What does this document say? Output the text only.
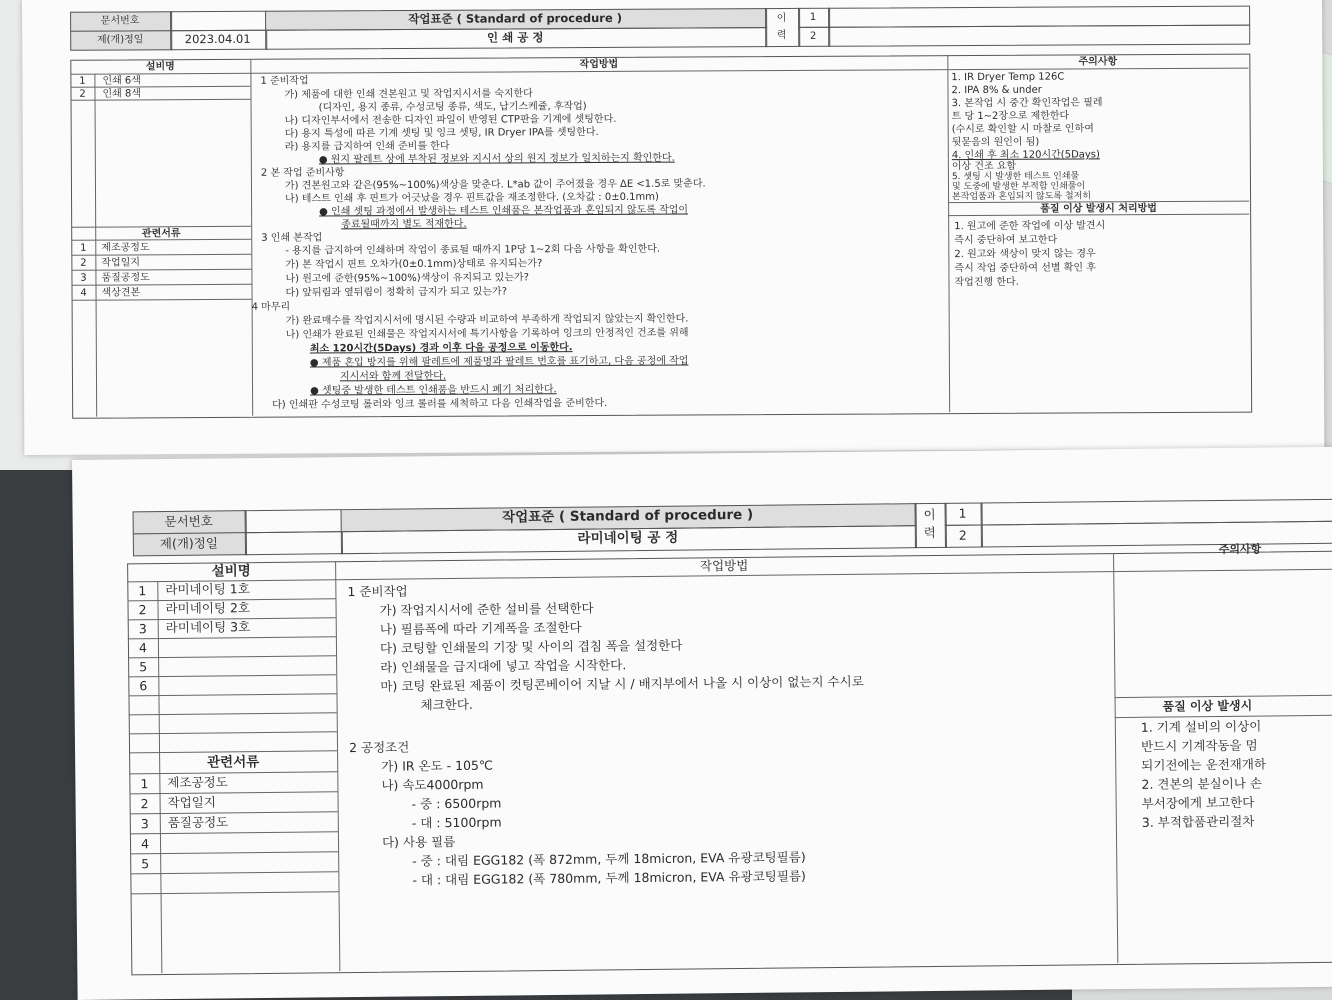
문서번호
제(개)정일	2023.04.01
작업표준 ( Standard of procedure )
인 쇄 공 정
이
력
1
2
설비명	작업방법	주의사항
1	인쇄 6색
2	인쇄 8색
관련서류
1	제조공정도
2	작업일지
3	품질공정도
4	색상견본
1 준비작업
가) 제품에 대한 인쇄 견본원고 및 작업지시서를 숙지한다
(디자인, 용지 종류, 수성코팅 종류, 색도, 납기스케쥴, 후작업)
나) 디자인부서에서 전송한 디자인 파일이 반영된 CTP판을 기계에 셋팅한다.
다) 용지 특성에 따른 기계 셋팅 및 잉크 셋팅, IR Dryer IPA를 셋팅한다.
라) 용지를 급지하여 인쇄 준비를 한다
● 원지 팔레트 상에 부착된 정보와 지시서 상의 원지 정보가 일치하는지 확인한다.
2 본 작업 준비사항
가) 견본원고와 같은(95%~100%)색상을 맞춘다. L*ab 값이 주어졌을 경우 ΔE <1.5로 맞춘다.
나) 테스트 인쇄 후 핀트가 어긋났을 경우 핀트값을 재조정한다. (오차값 : 0±0.1mm)
● 인쇄 셋팅 과정에서 발생하는 테스트 인쇄품은 본작업품과 혼입되지 않도록 작업이
종료될때까지 별도 적재한다.
3 인쇄 본작업
- 용지를 급지하여 인쇄하며 작업이 종료될 때까지 1P당 1~2회 다음 사항을 확인한다.
가) 본 작업시 핀트 오차가(0±0.1mm)상태로 유지되는가?
나) 원고에 준한(95%~100%)색상이 유지되고 있는가?
다) 앞뒤림과 옆뒤림이 정확히 급지가 되고 있는가?
4 마무리
가) 완료매수를 작업지시서에 명시된 수량과 비교하여 부족하게 작업되지 않았는지 확인한다.
나) 인쇄가 완료된 인쇄물은 작업지시서에 특기사항을 기록하여 잉크의 안정적인 건조를 위해
최소 120시간(5Days) 경과 이후 다음 공정으로 이동한다.
● 제품 혼입 방지를 위해 팔레트에 제품명과 팔레트 번호를 표기하고, 다음 공정에 작업
지시서와 함께 전달한다.
● 셋팅중 발생한 테스트 인쇄품을 반드시 폐기 처리한다.
다) 인쇄판 수성코팅 롤러와 잉크 롤러를 세척하고 다음 인쇄작업을 준비한다.
1. IR Dryer Temp 126C
2. IPA 8% & under
3. 본작업 시 중간 확인작업은 필레
트 당 1~2장으로 제한한다
(수시로 확인할 시 마찰로 인하여
뒷묻음의 원인이 됨)
4. 인쇄 후 최소 120시간(5Days)
이상 건조 요함
5. 셋팅 시 발생한 테스트 인쇄물
및 도중에 발생한 부적합 인쇄물이
본작업품과 혼입되지 않도록 철저히
품질 이상 발생시 처리방법
1. 원고에 준한 작업에 이상 발견시
즉시 중단하여 보고한다
2. 원고와 색상이 맞지 않는 경우
즉시 작업 중단하여 선별 확인 후
작업진행 한다.
문서번호
제(개)정일
작업표준 ( Standard of procedure )
라미네이팅 공 정
이
력
1
2
설비명	작업방법
주의사항
1	라미네이팅 1호
2	라미네이팅 2호
3	라미네이팅 3호
4
5
6
관련서류
1	제조공정도
2	작업일지
3	품질공정도
4
5
1 준비작업
가) 작업지시서에 준한 설비를 선택한다
나) 필름폭에 따라 기계폭을 조절한다
다) 코팅할 인쇄물의 기장 및 사이의 겹침 폭을 설정한다
라) 인쇄물을 급지대에 넣고 작업을 시작한다.
마) 코팅 완료된 제품이 컷팅콘베이어 지날 시 / 배지부에서 나올 시 이상이 없는지 수시로
체크한다.
2 공정조건
가) IR 온도 - 105℃
나) 속도4000rpm
- 중 : 6500rpm
- 대 : 5100rpm
다) 사용 필름
- 중 : 대림 EGG182 (폭 872mm, 두께 18micron, EVA 유광코팅필름)
- 대 : 대림 EGG182 (폭 780mm, 두께 18micron, EVA 유광코팅필름)
품질 이상 발생시
1. 기계 설비의 이상이
반드시 기계작동을 멈
되기전에는 운전재개하
2. 견본의 분실이나 손
부서장에게 보고한다
3. 부적합품관리절차
